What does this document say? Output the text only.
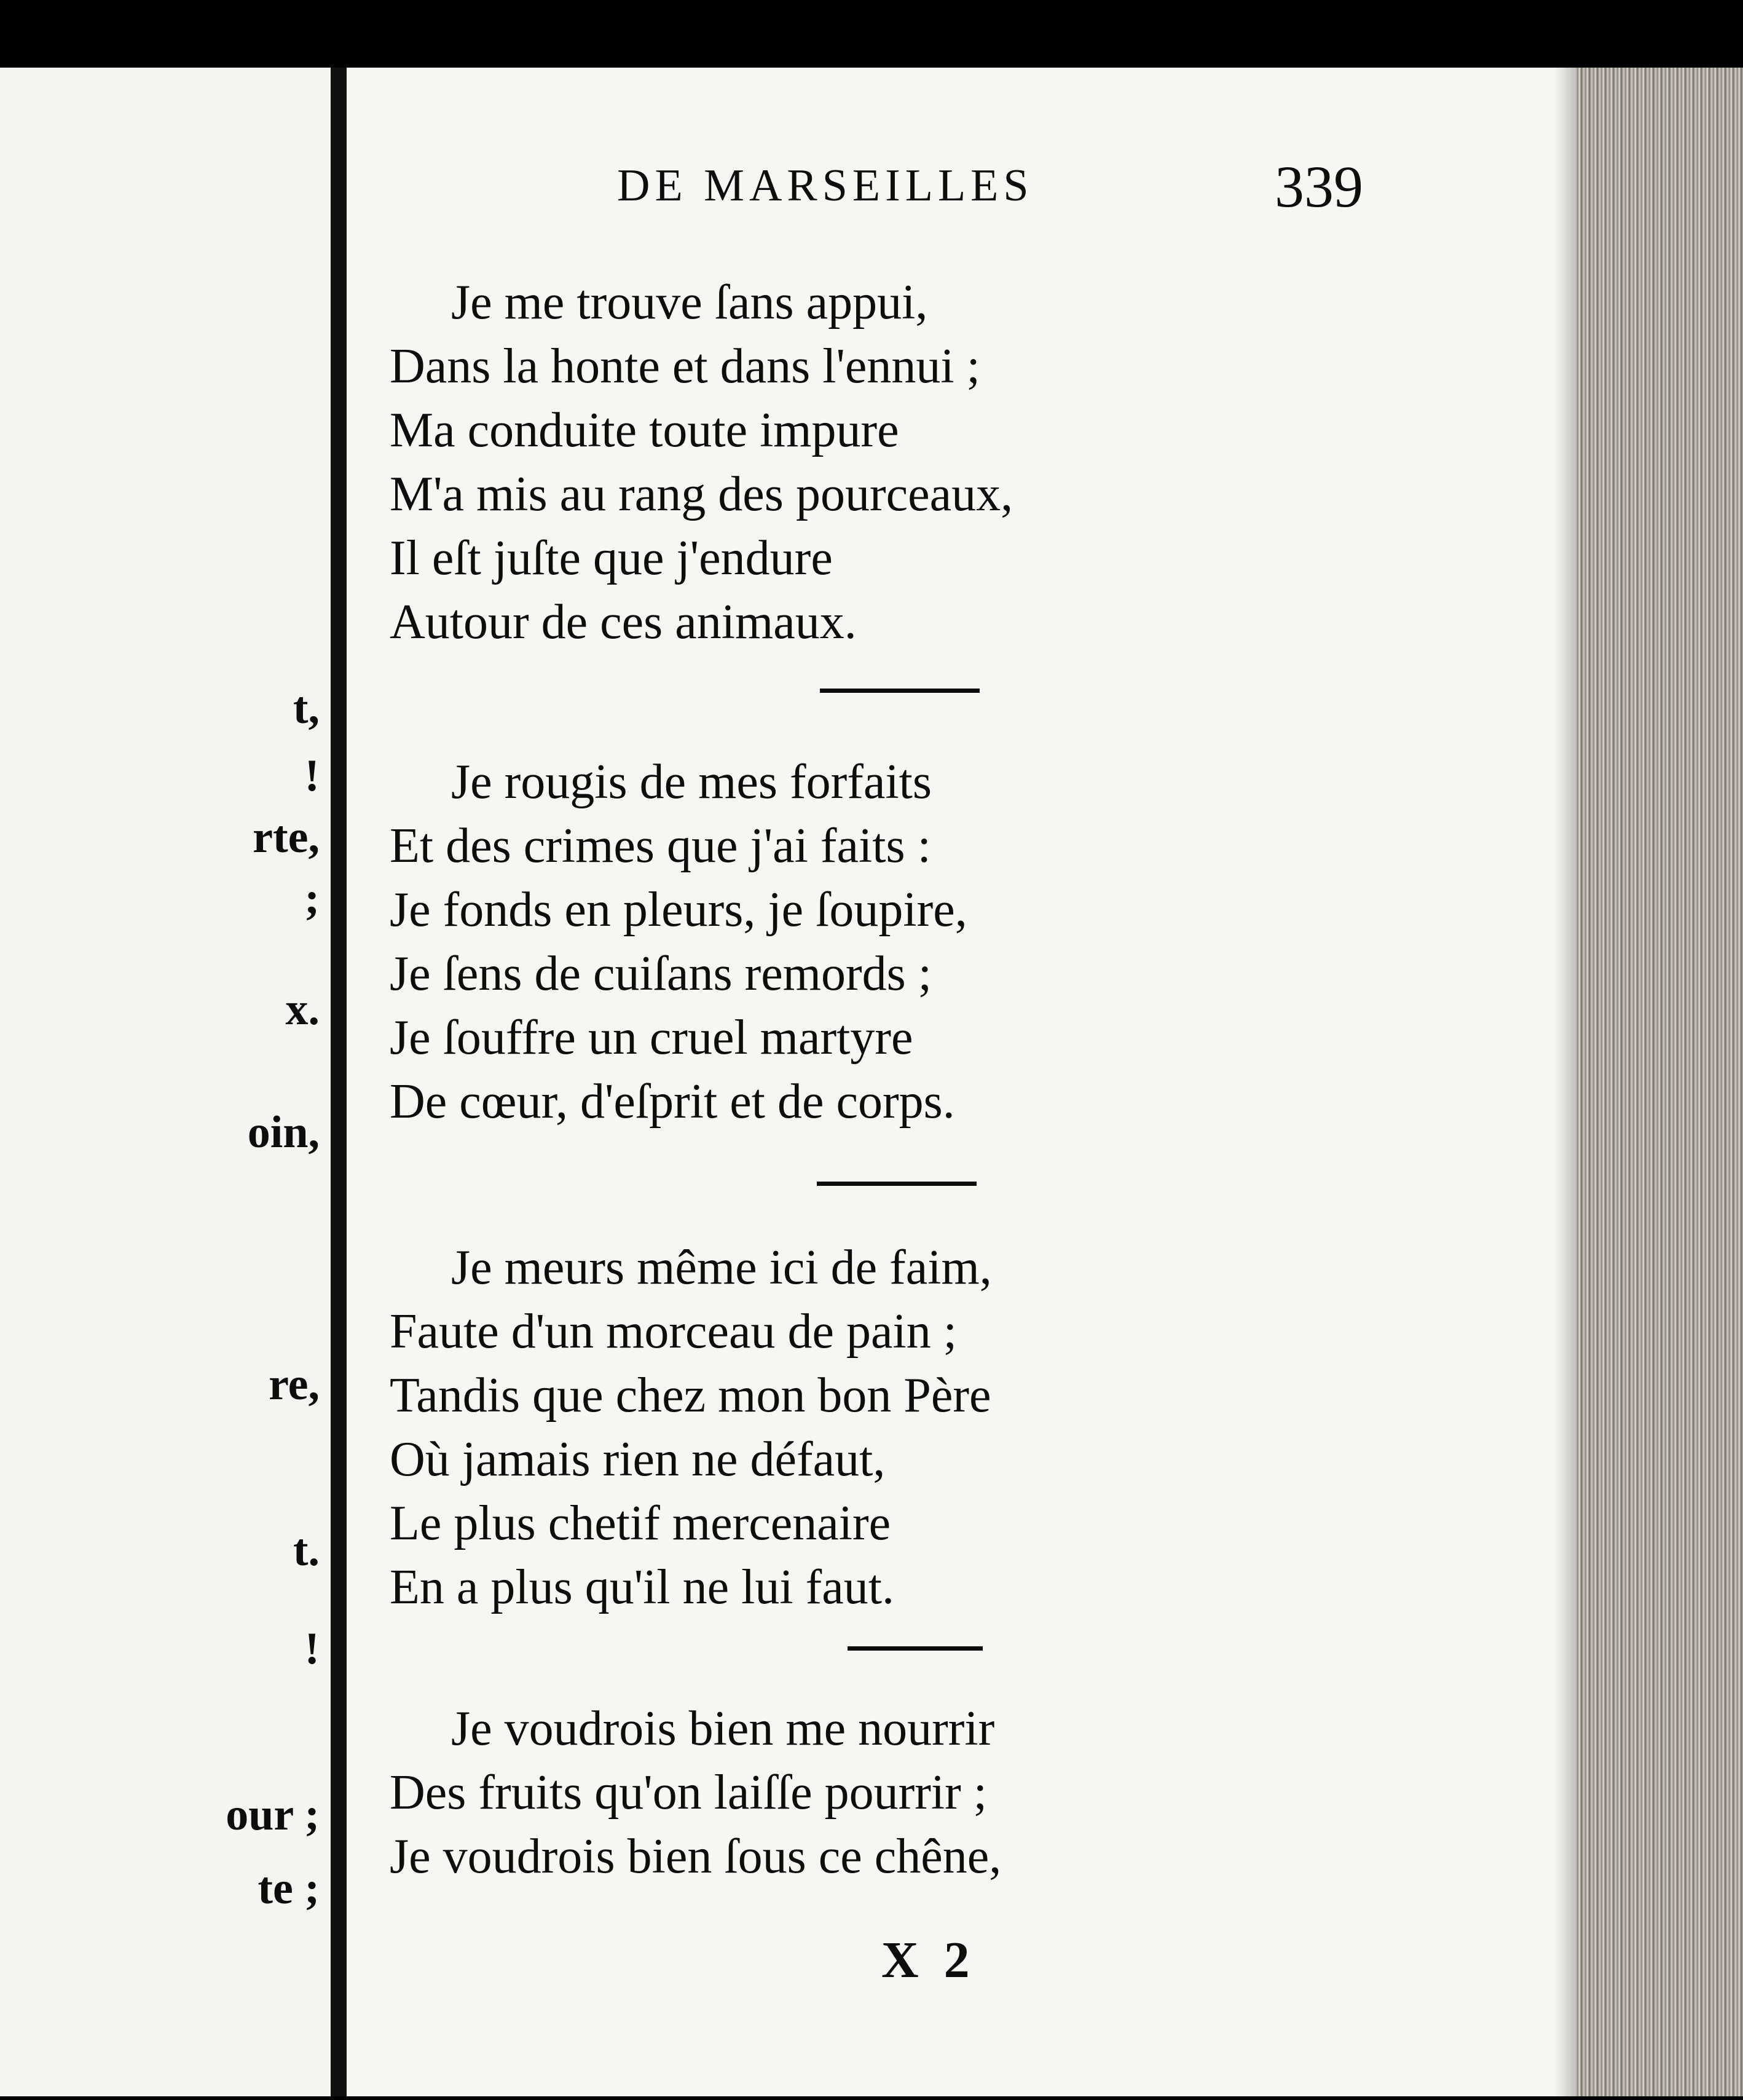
t,
!
rte,
;
x.
oin,
re,
t.
!
our ;
te ;
DE MARSEILLES	339
Je me trouve ſans appui,
Dans la honte et dans l'ennui ;
Ma conduite toute impure
M'a mis au rang des pourceaux,
Il eſt juſte que j'endure
Autour de ces animaux.
Je rougis de mes forfaits
Et des crimes que j'ai faits :
Je fonds en pleurs, je ſoupire,
Je ſens de cuiſans remords ;
Je ſouffre un cruel martyre
De cœur, d'eſprit et de corps.
Je meurs même ici de faim,
Faute d'un morceau de pain ;
Tandis que chez mon bon Père
Où jamais rien ne défaut,
Le plus chetif mercenaire
En a plus qu'il ne lui faut.
Je voudrois bien me nourrir
Des fruits qu'on laiſſe pourrir ;
Je voudrois bien ſous ce chêne,
X 2
